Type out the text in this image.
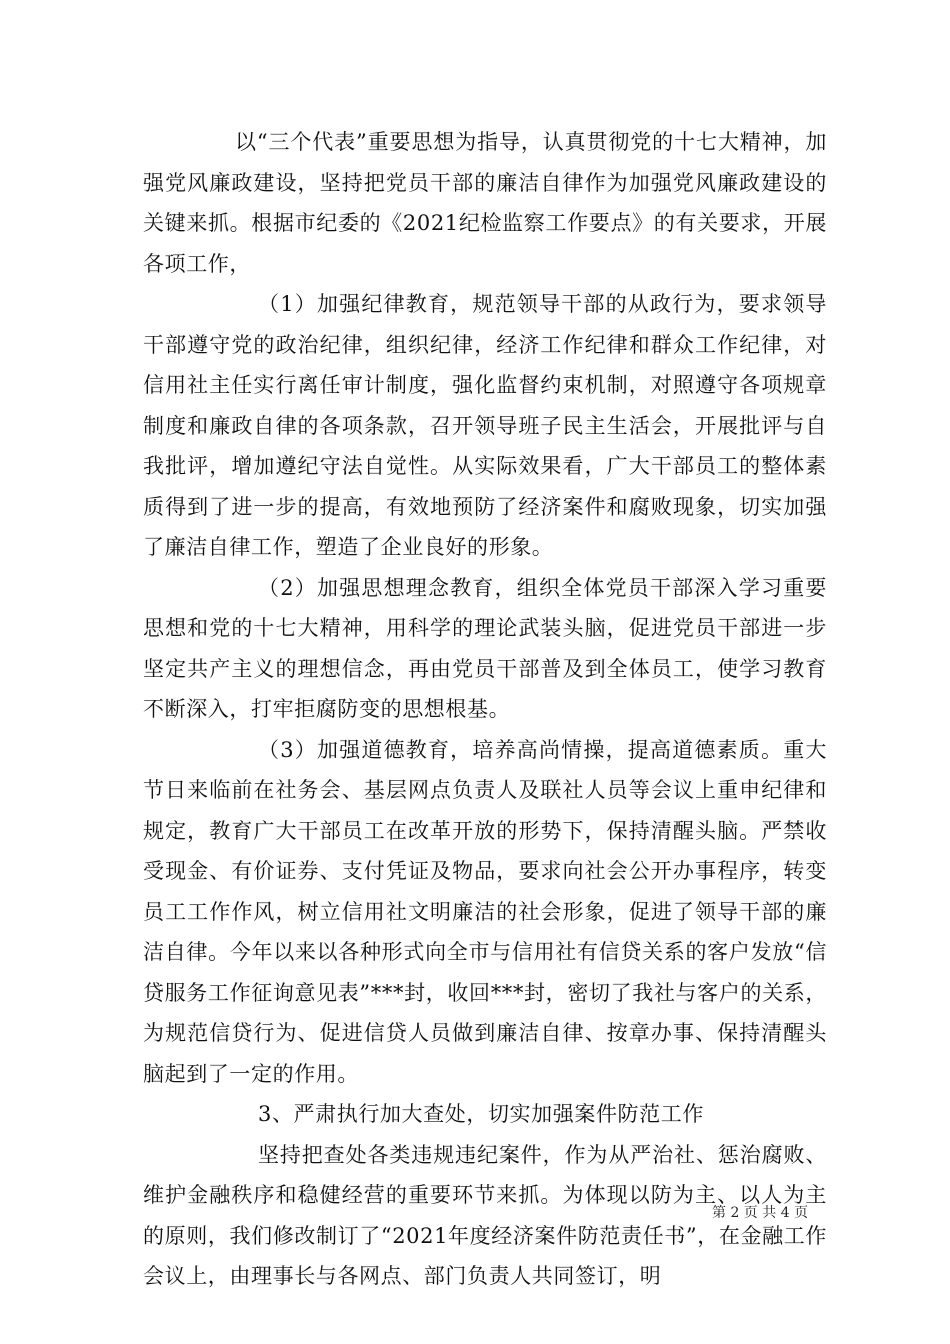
以“三个代表”重要思想为指导，认真贯彻党的十七大精神，加强党风廉政建设，坚持把党员干部的廉洁自律作为加强党风廉政建设的关键来抓。根据市纪委的《2021纪检监察工作要点》的有关要求，开展各项工作，

（1）加强纪律教育，规范领导干部的从政行为，要求领导干部遵守党的政治纪律，组织纪律，经济工作纪律和群众工作纪律，对信用社主任实行离任审计制度，强化监督约束机制，对照遵守各项规章制度和廉政自律的各项条款，召开领导班子民主生活会，开展批评与自我批评，增加遵纪守法自觉性。从实际效果看，广大干部员工的整体素质得到了进一步的提高，有效地预防了经济案件和腐败现象，切实加强了廉洁自律工作，塑造了企业良好的形象。

（2）加强思想理念教育，组织全体党员干部深入学习重要思想和党的十七大精神，用科学的理论武装头脑，促进党员干部进一步坚定共产主义的理想信念，再由党员干部普及到全体员工，使学习教育不断深入，打牢拒腐防变的思想根基。

（3）加强道德教育，培养高尚情操，提高道德素质。重大节日来临前在社务会、基层网点负责人及联社人员等会议上重申纪律和规定，教育广大干部员工在改革开放的形势下，保持清醒头脑。严禁收受现金、有价证券、支付凭证及物品，要求向社会公开办事程序，转变员工工作作风，树立信用社文明廉洁的社会形象，促进了领导干部的廉洁自律。今年以来以各种形式向全市与信用社有信贷关系的客户发放“信贷服务工作征询意见表”***封，收回***封，密切了我社与客户的关系，为规范信贷行为、促进信贷人员做到廉洁自律、按章办事、保持清醒头脑起到了一定的作用。

3、严肃执行加大查处，切实加强案件防范工作

坚持把查处各类违规违纪案件，作为从严治社、惩治腐败、维护金融秩序和稳健经营的重要环节来抓。为体现以防为主、以人为主的原则，我们修改制订了“2021年度经济案件防范责任书”，在金融工作会议上，由理事长与各网点、部门负责人共同签订，明

第 2 页 共 4 页
